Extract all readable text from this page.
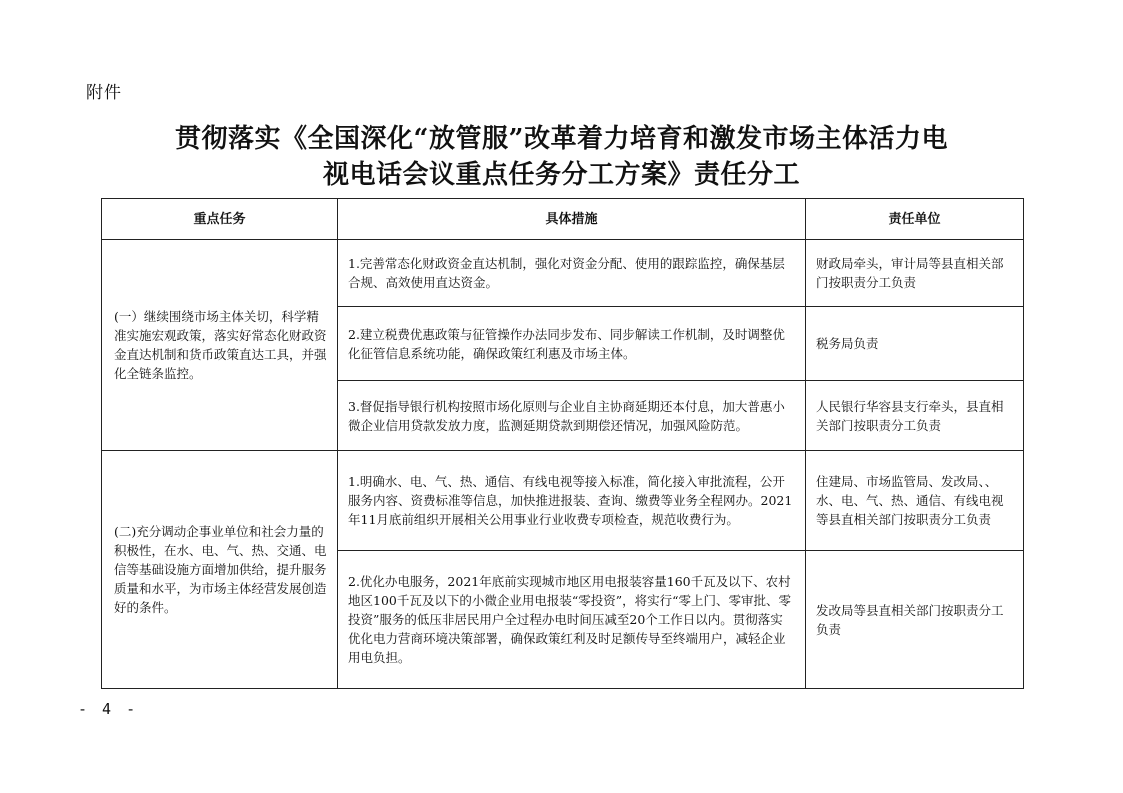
附件
贯彻落实《全国深化“放管服”改革着力培育和激发市场主体活力电
视电话会议重点任务分工方案》责任分工
重点任务	具体措施	责任单位
(一）继续围绕市场主体关切，科学精准实施宏观政策，落实好常态化财政资金直达机制和货币政策直达工具，并强化全链条监控。	1.完善常态化财政资金直达机制，强化对资金分配、使用的跟踪监控，确保基层合规、高效使用直达资金。	财政局牵头，审计局等县直相关部门按职责分工负责
	2.建立税费优惠政策与征管操作办法同步发布、同步解读工作机制，及时调整优化征管信息系统功能，确保政策红利惠及市场主体。	税务局负责
	3.督促指导银行机构按照市场化原则与企业自主协商延期还本付息，加大普惠小微企业信用贷款发放力度，监测延期贷款到期偿还情况，加强风险防范。	人民银行华容县支行牵头，县直相关部门按职责分工负责
(二)充分调动企事业单位和社会力量的积极性，在水、电、气、热、交通、电信等基础设施方面增加供给，提升服务质量和水平，为市场主体经营发展创造好的条件。	1.明确水、电、气、热、通信、有线电视等接入标准，简化接入审批流程，公开服务内容、资费标准等信息，加快推进报装、查询、缴费等业务全程网办。2021年11月底前组织开展相关公用事业行业收费专项检查，规范收费行为。	住建局、市场监管局、发改局、、水、电、气、热、通信、有线电视等县直相关部门按职责分工负责
	2.优化办电服务，2021年底前实现城市地区用电报装容量160千瓦及以下、农村地区100千瓦及以下的小微企业用电报装“零投资”，将实行“零上门、零审批、零投资”服务的低压非居民用户全过程办电时间压减至20个工作日以内。贯彻落实优化电力营商环境决策部署，确保政策红利及时足额传导至终端用户，减轻企业用电负担。	发改局等县直相关部门按职责分工负责
- 4 -
